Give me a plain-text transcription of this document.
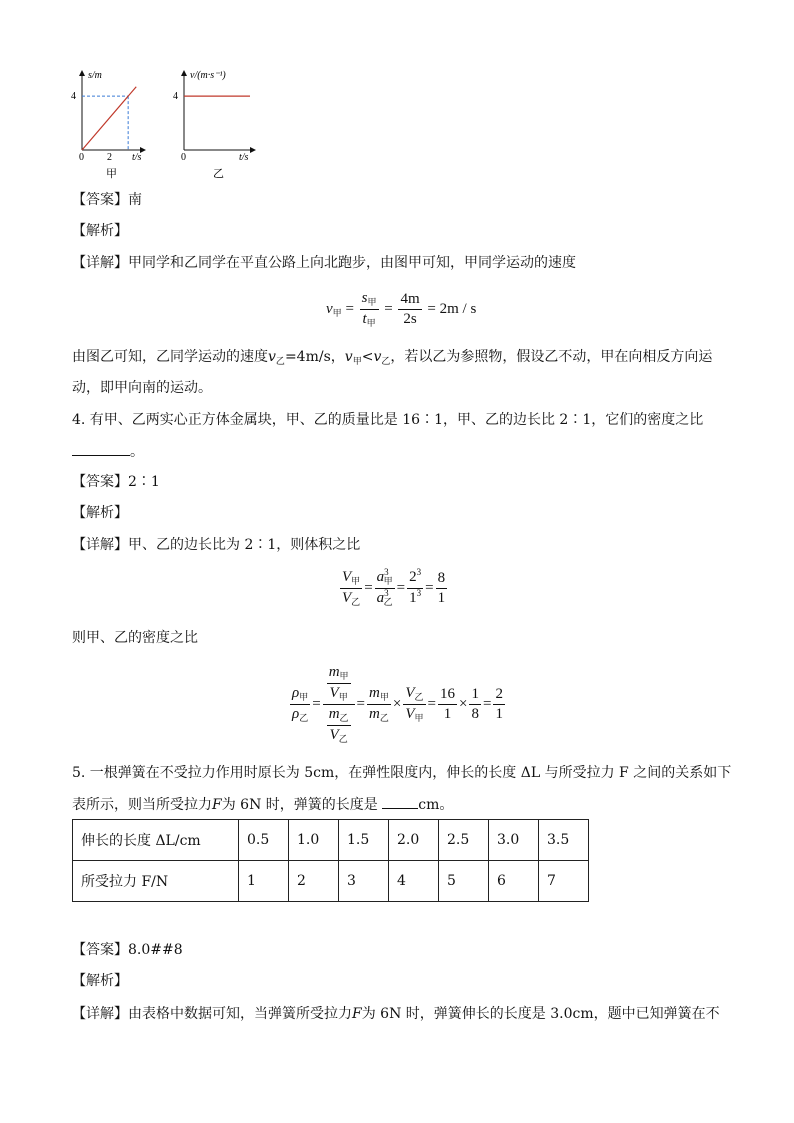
s/m
t/s
0
4
2
甲
v/(m·s⁻¹)
t/s
0
4
乙
【答案】南
【解析】
【详解】甲同学和乙同学在平直公路上向北跑步，由图甲可知，甲同学运动的速度
$v_甲 = \frac{s_甲}{t_甲} = \frac{4m}{2s} = 2m / s$
由图乙可知，乙同学运动的速度$v_乙=4m/s$，$v_甲<v_乙$，若以乙为参照物，假设乙不动，甲在向相反方向运
动，即甲向南的运动。
4. 有甲、乙两实心正方体金属块，甲、乙的质量比是 16∶1，甲、乙的边长比 2∶1，它们的密度之比
。
【答案】2∶1
【解析】
【详解】甲、乙的边长比为 2∶1，则体积之比
$\frac{V_甲}{V_乙} = \frac{a^3_甲}{a^3_乙} = \frac{2^3}{1^3} = \frac{8}{1}$
则甲、乙的密度之比
$\frac{\rho_甲}{\rho_乙} = \frac{\frac{m_甲}{V_甲}}{\frac{m_乙}{V_乙}} = \frac{m_甲}{m_乙} \times \frac{V_乙}{V_甲} = \frac{16}{1} \times \frac{1}{8} = \frac{2}{1}$
5. 一根弹簧在不受拉力作用时原长为 5cm，在弹性限度内，伸长的长度 ΔL 与所受拉力 F 之间的关系如下
表所示，则当所受拉力F为 6N 时，弹簧的长度是	cm。
伸长的长度 ΔL/cm	0.5	1.0	1.5	2.0	2.5	3.0	3.5
所受拉力 F/N	1	2	3	4	5	6	7
【答案】8.0##8
【解析】
【详解】由表格中数据可知，当弹簧所受拉力F为 6N 时，弹簧伸长的长度是 3.0cm，题中已知弹簧在不
